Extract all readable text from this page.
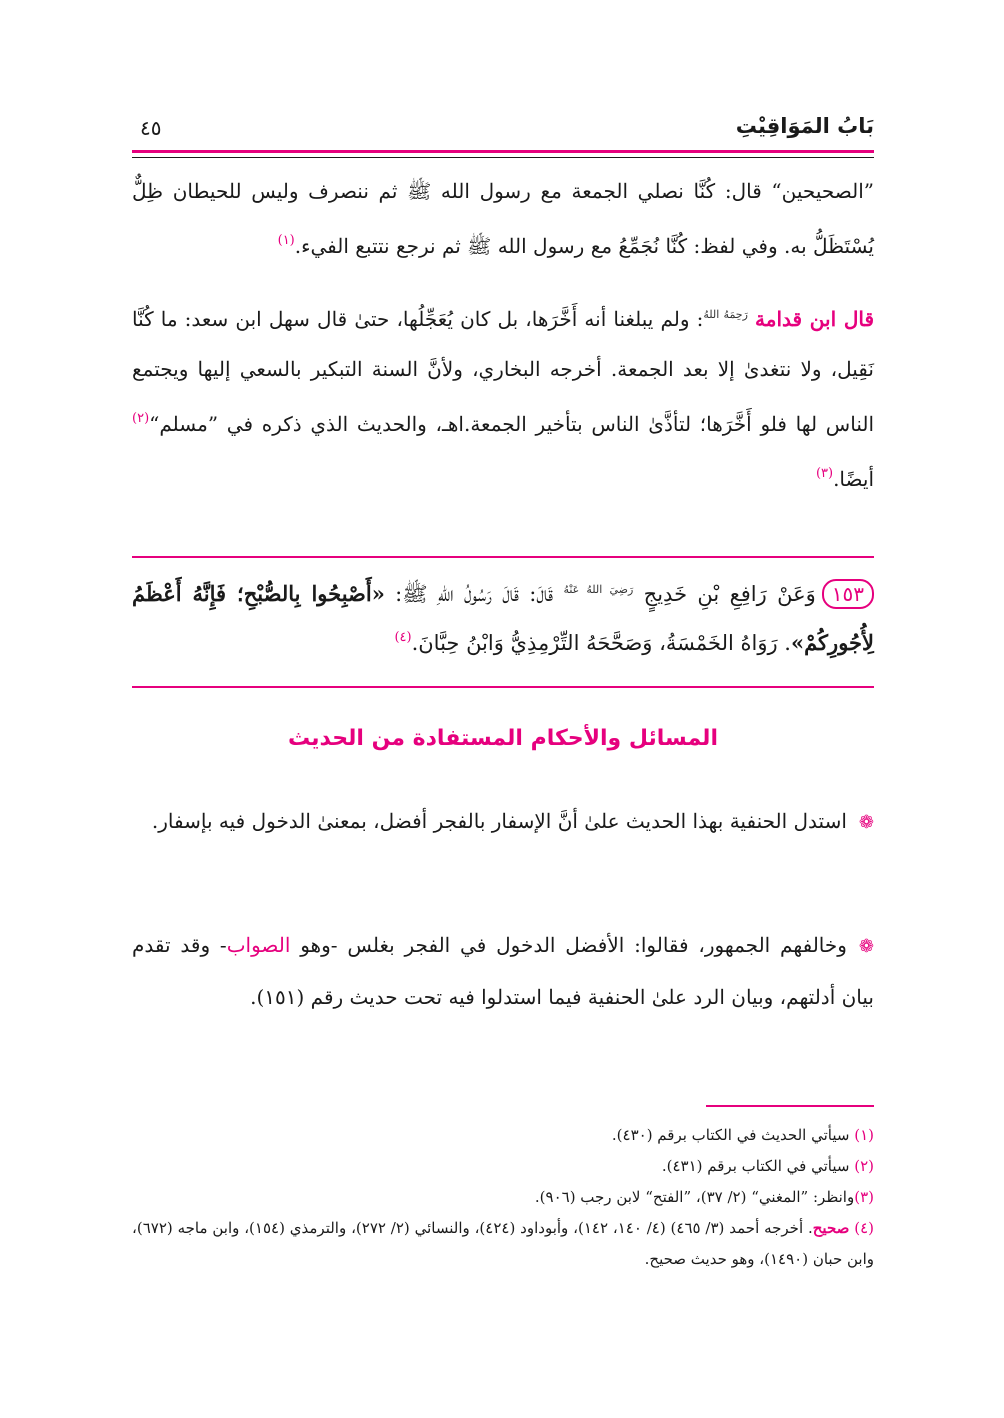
بَابُ المَوَاقِيْتِ
٤٥

”الصحيحين“ قال: كُنَّا نصلي الجمعة مع رسول الله ﷺ ثم ننصرف وليس للحيطان ظِلٌّ يُسْتَظَلُّ به. وفي لفظ: كُنَّا نُجَمِّعُ مع رسول الله ﷺ ثم نرجع نتتبع الفيء.$^{(١)}$

قال ابن قدامة $^{رَحِمَهُ اللهُ}$: ولم يبلغنا أنه أَخَّرَها، بل كان يُعَجِّلُها، حتىٰ قال سهل ابن سعد: ما كُنَّا نَقِيل، ولا نتغدىٰ إلا بعد الجمعة. أخرجه البخاري، ولأنَّ السنة التبكير بالسعي إليها ويجتمع الناس لها فلو أَخَّرَها؛ لتأذَّىٰ الناس بتأخير الجمعة.اهـ، والحديث الذي ذكره في ”مسلم“$^{(٢)}$ أيضًا.$^{(٣)}$

١٥٣وَعَنْ رَافِعِ بْنِ خَدِيجٍ $^{رَضِيَ اللهُ عَنْهُ}$ قَالَ: قَالَ رَسُولُ اللهِ ﷺ: «أَصْبِحُوا بِالصُّبْحِ؛ فَإِنَّهُ أَعْظَمُ لِأُجُورِكُمْ». رَوَاهُ الخَمْسَةُ، وَصَحَّحَهُ التِّرْمِذِيُّ وَابْنُ حِبَّانَ.$^{(٤)}$

المسائل والأحكام المستفادة من الحديث

❁استدل الحنفية بهذا الحديث علىٰ أنَّ الإسفار بالفجر أفضل، بمعنىٰ الدخول فيه بإسفار.

❁وخالفهم الجمهور، فقالوا: الأفضل الدخول في الفجر بغلس -وهو الصواب- وقد تقدم بيان أدلتهم، وبيان الرد علىٰ الحنفية فيما استدلوا فيه تحت حديث رقم (١٥١).

(١) سيأتي الحديث في الكتاب برقم (٤٣٠).
(٢) سيأتي في الكتاب برقم (٤٣١).
(٣)وانظر: ”المغني“ (٢/ ٣٧)، ”الفتح“ لابن رجب (٩٠٦).
(٤) صحيح. أخرجه أحمد (٣/ ٤٦٥) (٤/ ١٤٠، ١٤٢)، وأبوداود (٤٢٤)، والنسائي (٢/ ٢٧٢)، والترمذي (١٥٤)، وابن ماجه (٦٧٢)، وابن حبان (١٤٩٠)، وهو حديث صحيح.
